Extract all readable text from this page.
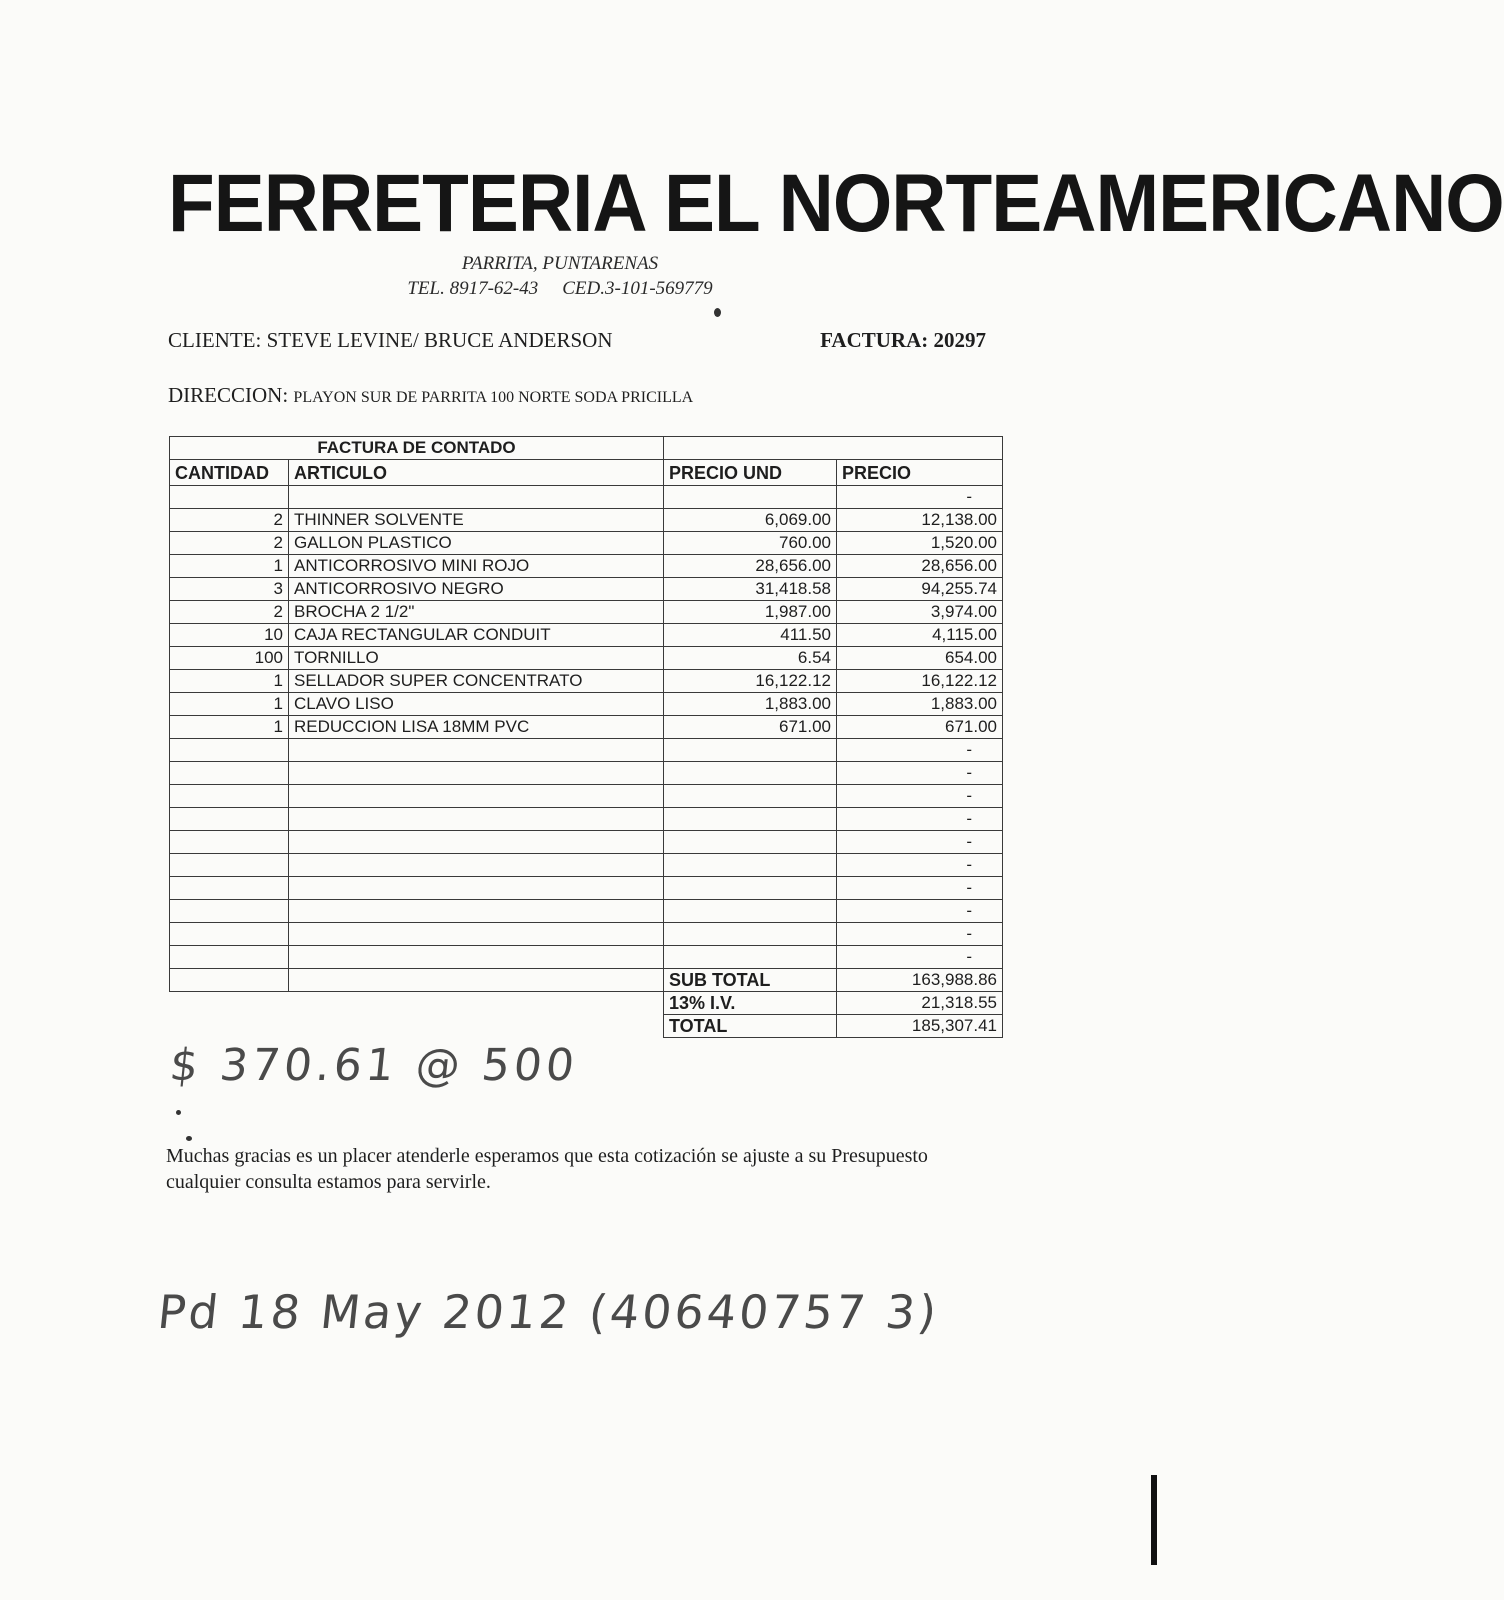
FERRETERIA EL NORTEAMERICANO
PARRITA, PUNTARENAS
TEL. 8917-62-43 CED.3-101-569779
CLIENTE: STEVE LEVINE/ BRUCE ANDERSON	FACTURA: 20297
DIRECCION: PLAYON SUR DE PARRITA 100 NORTE SODA PRICILLA
FACTURA DE CONTADO			
CANTIDAD	ARTICULO	PRECIO UND	PRECIO
			-
2	THINNER SOLVENTE	6,069.00	12,138.00
2	GALLON PLASTICO	760.00	1,520.00
1	ANTICORROSIVO MINI ROJO	28,656.00	28,656.00
3	ANTICORROSIVO NEGRO	31,418.58	94,255.74
2	BROCHA 2 1/2"	1,987.00	3,974.00
10	CAJA RECTANGULAR CONDUIT	411.50	4,115.00
100	TORNILLO	6.54	654.00
1	SELLADOR SUPER CONCENTRATO	16,122.12	16,122.12
1	CLAVO LISO	1,883.00	1,883.00
1	REDUCCION LISA 18MM PVC	671.00	671.00
			-
			-
			-
			-
			-
			-
			-
			-
			-
			-
		SUB TOTAL	163,988.86
		13% I.V.	21,318.55
		TOTAL	185,307.41
$ 370.61 @ 500
Muchas gracias es un placer atenderle esperamos que esta cotización se ajuste a su Presupuesto cualquier consulta estamos para servirle.
Pd 18 May 2012 (40640757 3)
